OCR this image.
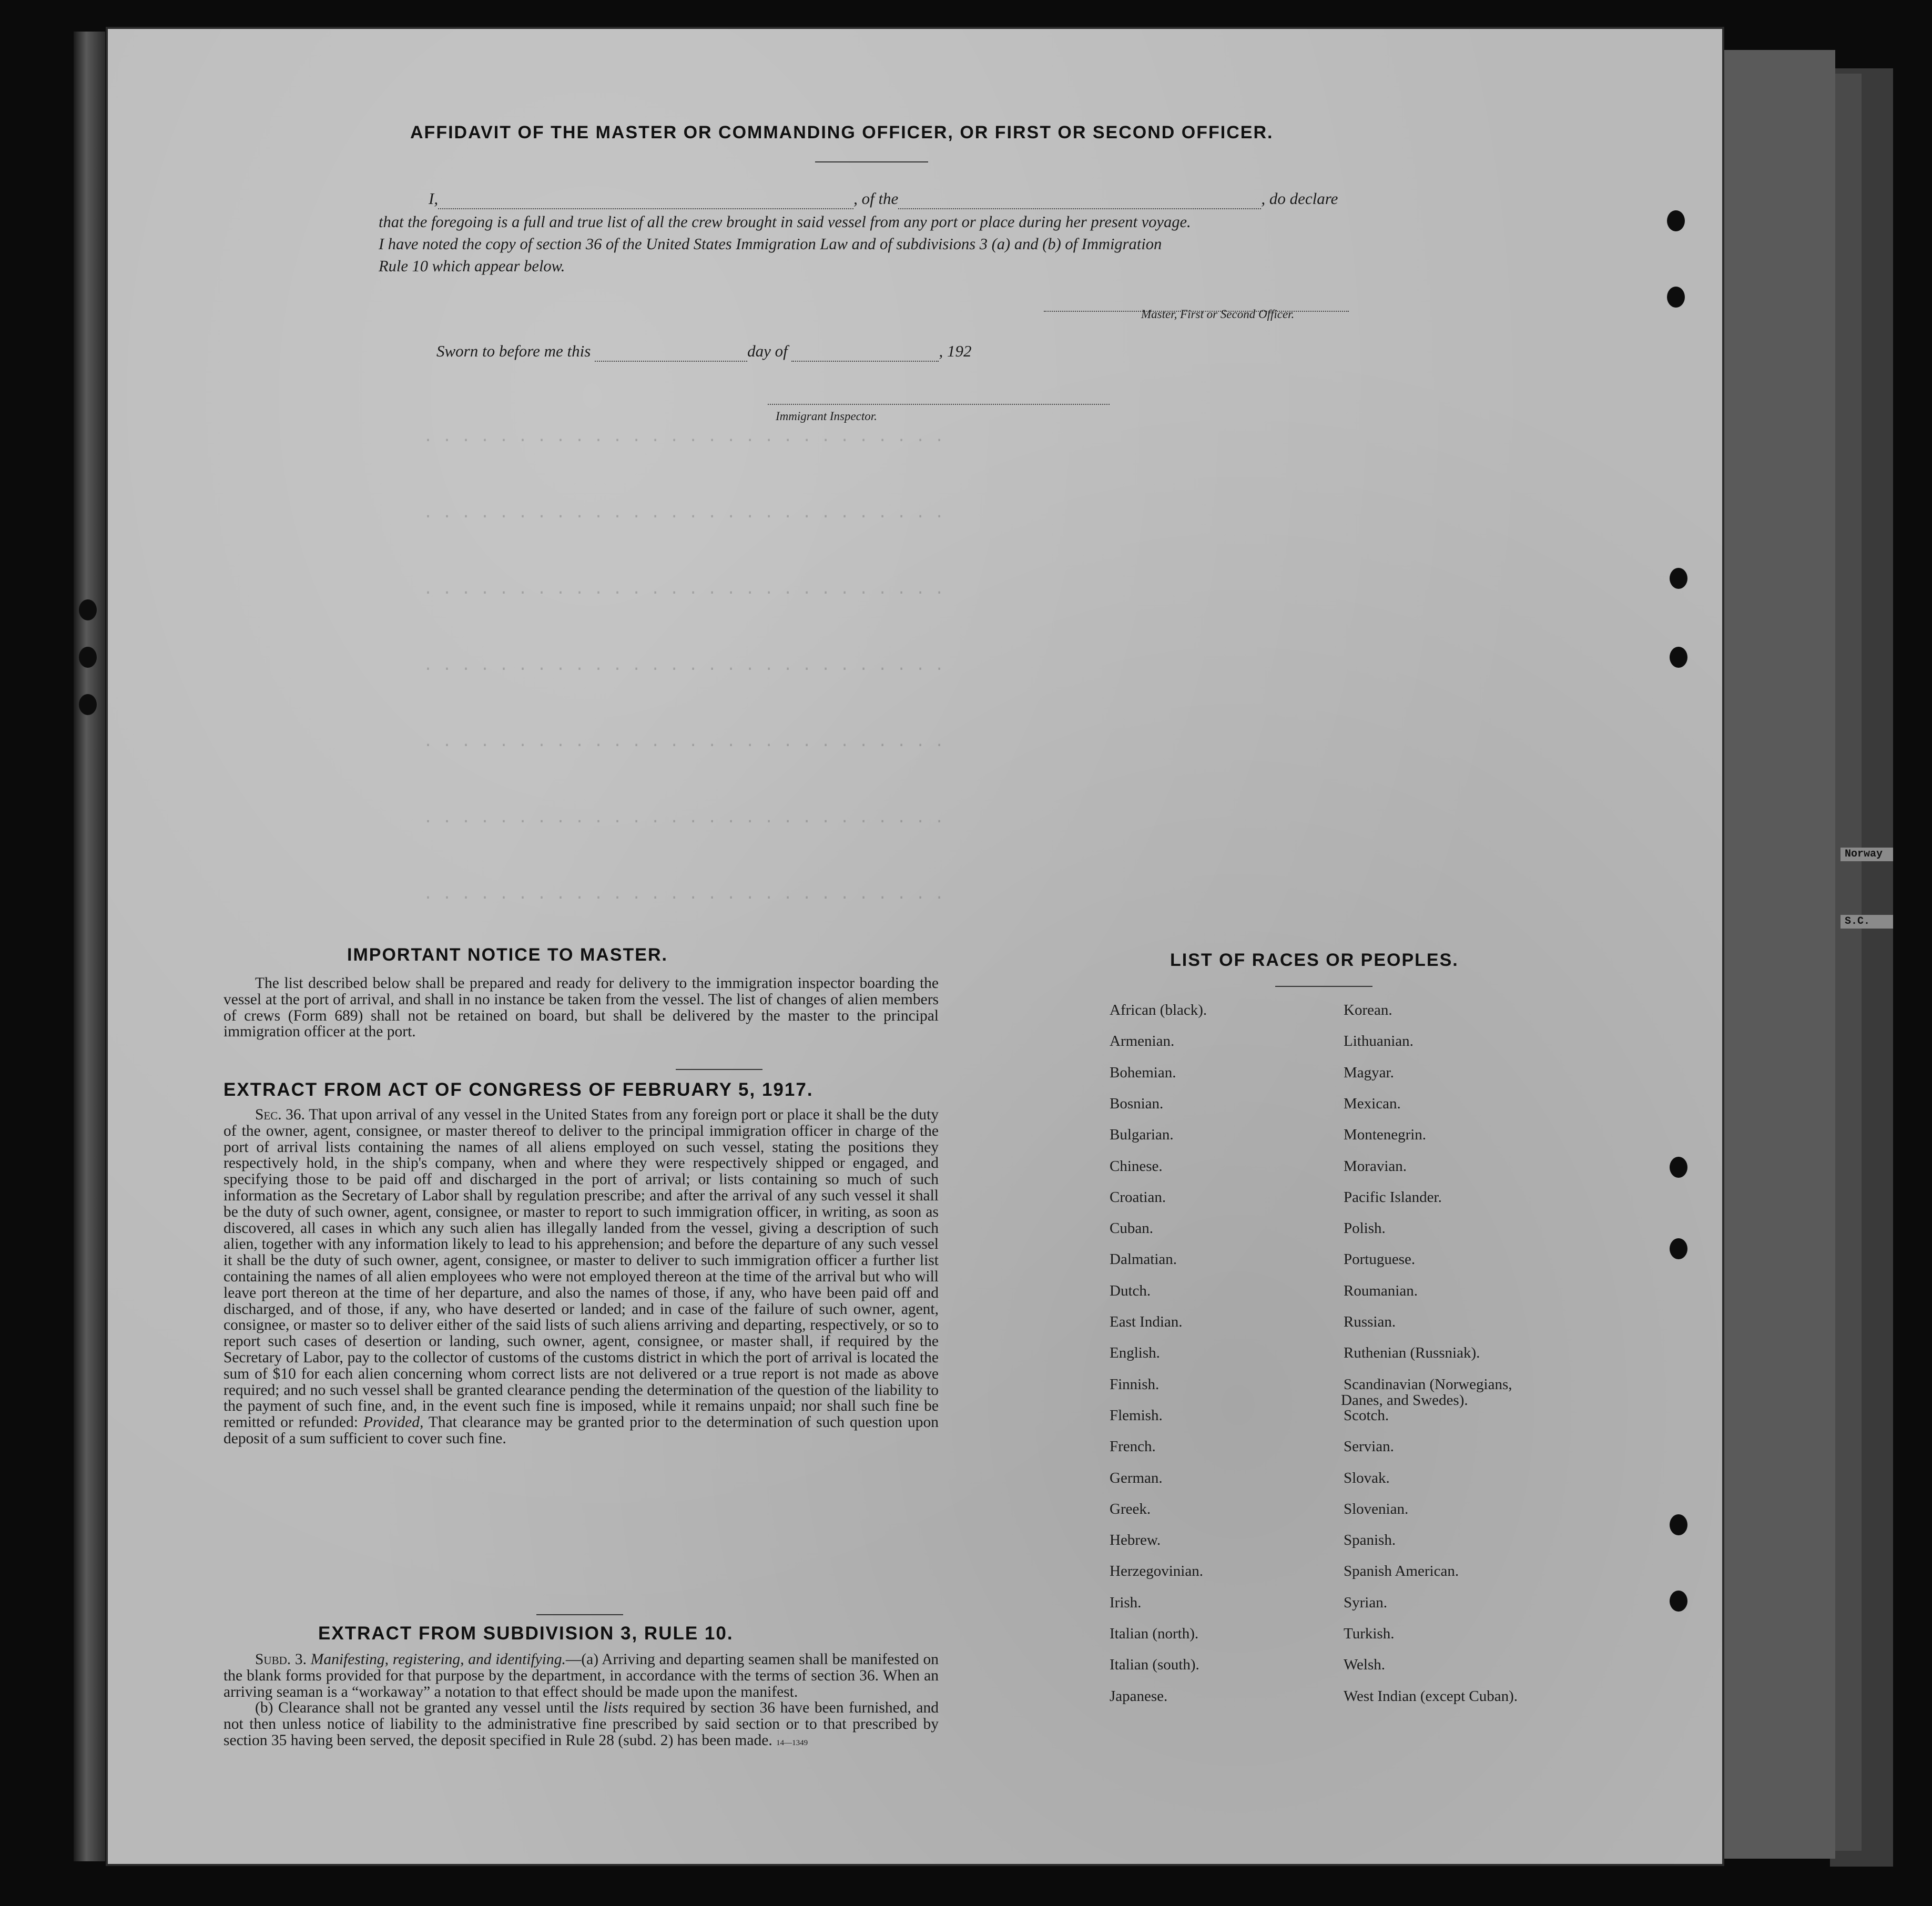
Norway
S.C.
. . . . . . . . . . . . . . . . . . . . . . . . . . . .
. . . . . . . . . . . . . . . . . . . . . . . . . . . .
. . . . . . . . . . . . . . . . . . . . . . . . . . . .
. . . . . . . . . . . . . . . . . . . . . . . . . . . .
. . . . . . . . . . . . . . . . . . . . . . . . . . . .
. . . . . . . . . . . . . . . . . . . . . . . . . . . .
. . . . . . . . . . . . . . . . . . . . . . . . . . . .
AFFIDAVIT OF THE MASTER OR COMMANDING OFFICER, OR FIRST OR SECOND OFFICER.
I,	, of the	, do declare
that the foregoing is a full and true list of all the crew brought in said vessel from any port or place during her present voyage.
I have noted the copy of section 36 of the United States Immigration Law and of subdivisions 3 (a) and (b) of Immigration
Rule 10 which appear below.

Master, First or Second Officer.
Sworn to before me this	day of	, 192

Immigrant Inspector.
IMPORTANT NOTICE TO MASTER.

The list described below shall be prepared and ready for delivery to the immigration inspector boarding the vessel at the port of arrival, and shall in no instance be taken from the vessel. The list of changes of alien members of crews (Form 689) shall not be retained on board, but shall be delivered by the master to the principal immigration officer at the port.

EXTRACT FROM ACT OF CONGRESS OF FEBRUARY 5, 1917.

Sec. 36. That upon arrival of any vessel in the United States from any foreign port or place it shall be the duty of the owner, agent, consignee, or master thereof to deliver to the principal immigration officer in charge of the port of arrival lists containing the names of all aliens employed on such vessel, stating the positions they respectively hold, in the ship's company, when and where they were respectively shipped or engaged, and specifying those to be paid off and discharged in the port of arrival; or lists containing so much of such information as the Secretary of Labor shall by regulation prescribe; and after the arrival of any such vessel it shall be the duty of such owner, agent, consignee, or master to report to such immigration officer, in writing, as soon as discovered, all cases in which any such alien has illegally landed from the vessel, giving a description of such alien, together with any information likely to lead to his apprehension; and before the departure of any such vessel it shall be the duty of such owner, agent, consignee, or master to deliver to such immigration officer a further list containing the names of all alien employees who were not employed thereon at the time of the arrival but who will leave port thereon at the time of her departure, and also the names of those, if any, who have been paid off and discharged, and of those, if any, who have deserted or landed; and in case of the failure of such owner, agent, consignee, or master so to deliver either of the said lists of such aliens arriving and departing, respectively, or so to report such cases of desertion or landing, such owner, agent, consignee, or master shall, if required by the Secretary of Labor, pay to the collector of customs of the customs district in which the port of arrival is located the sum of $10 for each alien concerning whom correct lists are not delivered or a true report is not made as above required; and no such vessel shall be granted clearance pending the determination of the question of the liability to the payment of such fine, and, in the event such fine is imposed, while it remains unpaid; nor shall such fine be remitted or refunded: Provided, That clearance may be granted prior to the determination of such question upon deposit of a sum sufficient to cover such fine.

EXTRACT FROM SUBDIVISION 3, RULE 10.

Subd. 3. Manifesting, registering, and identifying.—(a) Arriving and departing seamen shall be manifested on the blank forms provided for that purpose by the department, in accordance with the terms of section 36. When an arriving seaman is a “workaway” a notation to that effect should be made upon the manifest.

(b) Clearance shall not be granted any vessel until the lists required by section 36 have been furnished, and not then unless notice of liability to the administrative fine prescribed by said section or to that prescribed by section 35 having been served, the deposit specified in Rule 28 (subd. 2) has been made. 14—1349

LIST OF RACES OR PEOPLES.
African (black).
Armenian.
Bohemian.
Bosnian.
Bulgarian.
Chinese.
Croatian.
Cuban.
Dalmatian.
Dutch.
East Indian.
English.
Finnish.
Flemish.
French.
German.
Greek.
Hebrew.
Herzegovinian.
Irish.
Italian (north).
Italian (south).
Japanese.
Korean.
Lithuanian.
Magyar.
Mexican.
Montenegrin.
Moravian.
Pacific Islander.
Polish.
Portuguese.
Roumanian.
Russian.
Ruthenian (Russniak).
Scandinavian (Norwegians,
Danes, and Swedes).
Scotch.
Servian.
Slovak.
Slovenian.
Spanish.
Spanish American.
Syrian.
Turkish.
Welsh.
West Indian (except Cuban).
